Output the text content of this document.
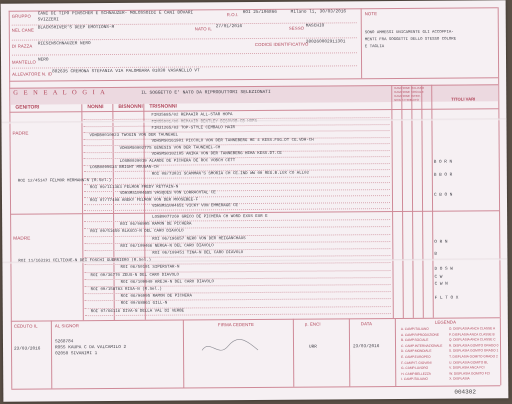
GRUPPO CANI DI TIPO PINSCHER E SCHNAUZER- MOLOSSOIDI E CANI BOVARI
SVIZZERI
R.O.I. ROI 25/106866	Milano li, 30/03/2016	NOTE
NEL CANE BLACKSHIVER'S DEEP EMOTIONS-M	NATO IL 27/01/2016	SESSO MASCHIO
DI RAZZA RIESENSCHNAUZER NERO	CODICE IDENTIFICATIVO
380260002911301
MANTELLO NERO
ALLEVATORE N. ID 882635 CREMONA STEFANIA VIA PALOMBARA 01030 VASANELLO VT
SONO AMMESSI UNICAMENTE GLI ACCOPPIA-
MENTI FRA SOGGETTI DELLO STESSO COLORE
E TAGLIA
G E N E A L O G I A	IL SOGGETTO E' NATO DA RIPRODUTTORI SELEZIONATI
GENITORI	NONNI	BISNONNI TRISNONNI
TITOLI VARI
CAMPIONE ITALIANO
CAMPIONE SOCIALE
CAMPIONE INTER.
NON ATTRIBUITO
PADRE
FIN35685/02 REPAAIR ALL-STAR HOPA
FIN31265/03 TOP-STYLE CEMBALO HAIR
VDHDB0010023 TWOGIN VON DER TAUNEHEL
VDHSMS0161901 PICCOLO VON DER TANNEBERG HE 4 KESS.FSG.DT CE.VDH-CH
VDHSMS0002775 GENESIS VON DER TAUNEHEL-CH
VDHSMS0102105 ANIKA VON DER TANNEBERG HEHA KESS.DT.CE
LOSB0020019 ALANDE DE PICHERA DE ROC VOBCH CETT
LOSB0099634 BRIGHT MOUSAN-CH
ROI 08/73031 SCAMMAN'S SMORIA CH CE.IND WW 09 REG.B.LUX CO ALL02
ROI 12/45147 FELMOR HERMANN-N (R.Sel.)
ROI 09/111363 FELMOR FREDY RETTAIN-N
VDHSMS1004685 VASQUES VON LORRACHTAL CE
ROI 07/77498 ANEKY FELMOR VON DER MOOSEBEE-F
VDHSMS1004651 VICKY VON EMMERAGE CE
MADRE
LOSB0077269 GRECO DE PICHERA CH WORD EXUS EUR E
ROI 06/96995 RAMON DE PICHERA
ROI 09/51659 BLASCO-N DEL CARO DIAVOLO
ROI 06/196657 NERO VON DER HEIGANCHAUS
ROI 06/109466 NERGA-N DEL CARO DIAVOLO
ROI 06/109451 TINA-N DEL CARO DIAVOLO
ROI 06/50101 SIPERSTAR-N
ROI 09/36770 ZEUS-N DEL CARO DIAVOLO
ROI 06/109940 KREJA-N DEL CARO DIAVOLO
ROI 09/158783 RISA-N (R.Sel.)
ROI 06/96995 RAMON DE PICHERA
ROI 09/68861 GILL-N
ROI 07/66116 DIVA-N DELLA VAL DI VERBE
B O R N
B B O R
C B O N
O R N
B
D O S W
C W
C W N
F L T O X
CEDUTO IL
23/03/2016
AL SIGNOR
S268784
ROSS KAUPA C DA VALCAMILO 2
02050 SIVANIMI 1
FIRMA CEDENTE	p. ENCI
URR
DATA
23/03/2016
LEGENDA
A. CAMP.ITALIANO
A. CAMP.RIPRODUZIONE
B. CAMP.SOCIALE
C. CAMP.INTERNAZIONALE
D. CAMP.MONDIALE
E. CAMP.EUROPEO
F. CAMP.IT. GIOVANI
G. CAMP.LAVORO
H. CAMP.BELLEZZA
I. CAMP.ITALIANO
O. DISPLASIA ANCA CLASSE A
P. DISPLASIA ANCA CLASSE B
Q. DISPLASIA ANCA CLASSE C
R. DISPLASIA GOMITO GRADO 0
S. DISPLASIA GOMITO GRADO 1
T. DISPLASIA GOMITO GRADO 2
U. DISPLASIA GOMITO BL
V. DISPLASIA ANCA FCI
W. DISPLASIA GOMITO FCI
X. DISPLASIA
004302
